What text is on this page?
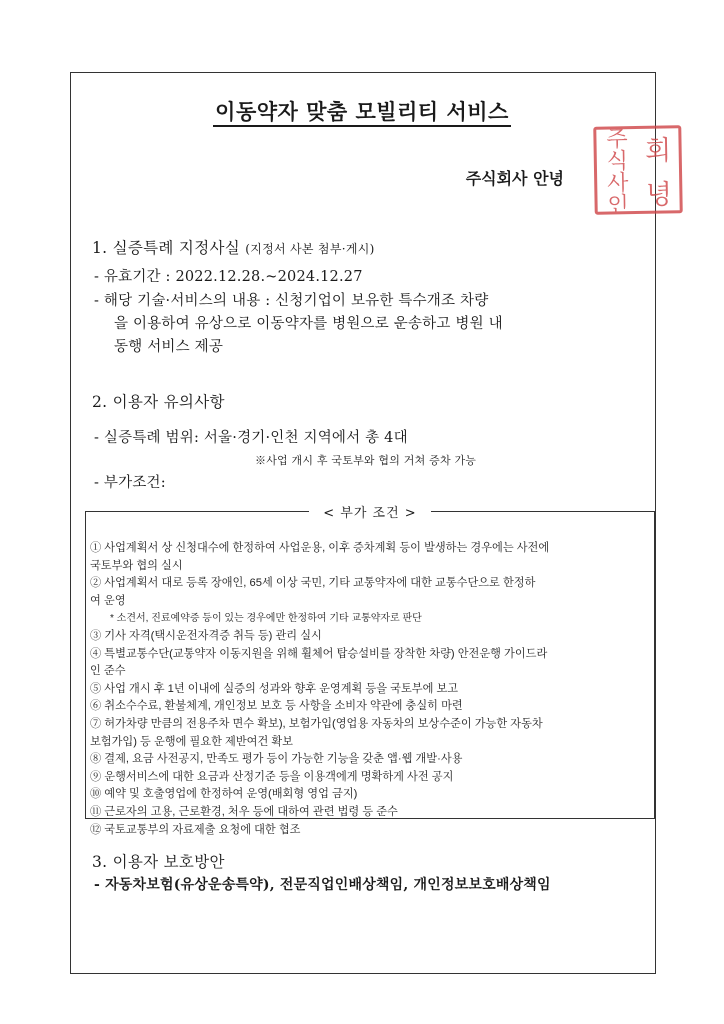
이동약자 맞춤 모빌리티 서비스
주식회사 안녕
주식 회
사인 녕
1. 실증특례 지정사실 (지정서 사본 첨부·게시)
- 유효기간 : 2022.12.28.~2024.12.27
- 해당 기술·서비스의 내용 : 신청기업이 보유한 특수개조 차량
을 이용하여 유상으로 이동약자를 병원으로 운송하고 병원 내
동행 서비스 제공
2. 이용자 유의사항
- 실증특례 범위: 서울·경기·인천 지역에서 총 4대
※사업 개시 후 국토부와 협의 거쳐 증차 가능
- 부가조건:
< 부가 조건 >

① 사업계획서 상 신청대수에 한정하여 사업운용, 이후 증차계획 등이 발생하는 경우에는 사전에

국토부와 협의 실시

② 사업계획서 대로 등록 장애인, 65세 이상 국민, 기타 교통약자에 대한 교통수단으로 한정하

여 운영

* 소견서, 진료예약증 등이 있는 경우에만 한정하여 기타 교통약자로 판단

③ 기사 자격(택시운전자격증 취득 등) 관리 실시

④ 특별교통수단(교통약자 이동지원을 위해 휠체어 탑승설비를 장착한 차량) 안전운행 가이드라

인 준수

⑤ 사업 개시 후 1년 이내에 실증의 성과와 향후 운영계획 등을 국토부에 보고

⑥ 취소수수료, 환불체계, 개인정보 보호 등 사항을 소비자 약관에 충실히 마련

⑦ 허가차량 만큼의 전용주차 면수 확보), 보험가입(영업용 자동차의 보상수준이 가능한 자동차

보험가입) 등 운행에 필요한 제반여건 확보

⑧ 결제, 요금 사전공지, 만족도 평가 등이 가능한 기능을 갖춘 앱·웹 개발·사용

⑨ 운행서비스에 대한 요금과 산정기준 등을 이용객에게 명확하게 사전 공지

⑩ 예약 및 호출영업에 한정하여 운영(배회형 영업 금지)

⑪ 근로자의 고용, 근로환경, 처우 등에 대하여 관련 법령 등 준수

⑫ 국토교통부의 자료제출 요청에 대한 협조

3. 이용자 보호방안
- 자동차보험(유상운송특약), 전문직업인배상책임, 개인정보보호배상책임
